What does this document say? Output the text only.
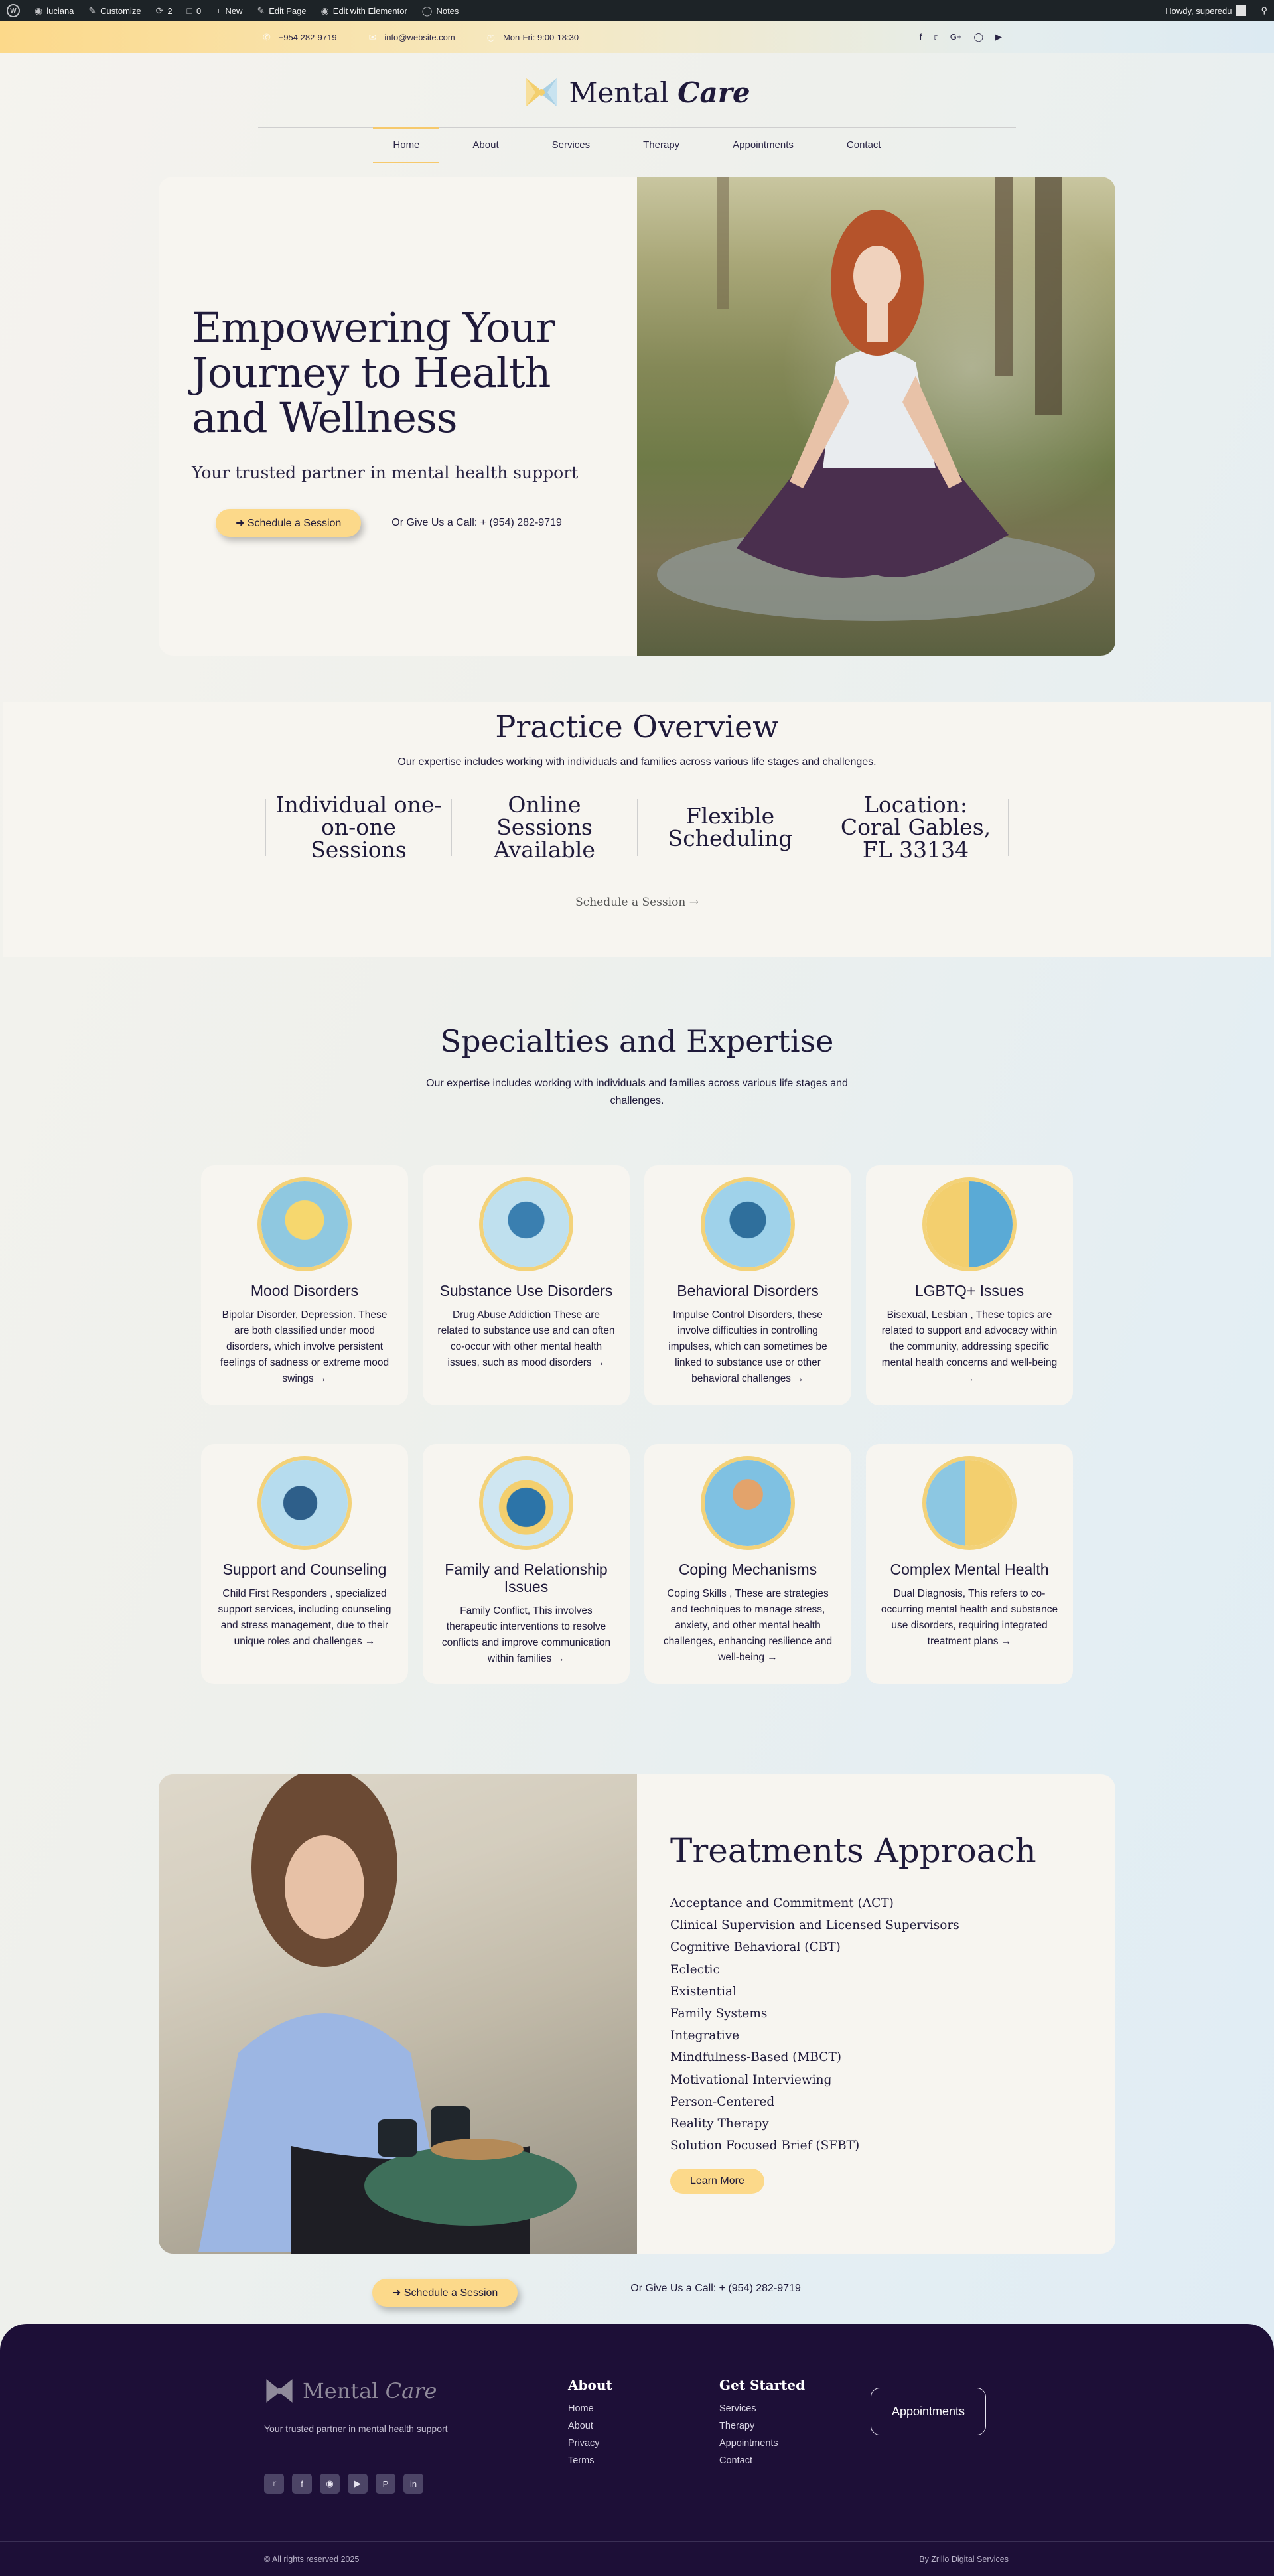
W	◉ luciana ✎ Customize ⟳ 2 □ 0 + New ✎ Edit Page ◉ Edit with Elementor ◯ Notes	Howdy, superedu	⚲
✆ +954 282-9719	✉ info@website.com	◷ Mon-Fri: 9:00-18:30	f 𝕣 G+ ◯ ▶
Mental Care
Home	About	Services	Therapy	Appointments	Contact
Empowering Your
Journey to Health
and Wellness
Your trusted partner in mental health support
➜ Schedule a Session	Or Give Us a Call: + (954) 282-9719
Practice Overview
Our expertise includes working with individuals and families across various life stages and challenges.
Individual one-on-one Sessions
Online Sessions Available
Flexible Scheduling
Location: Coral Gables, FL 33134
Schedule a Session →
Specialties and Expertise
Our expertise includes working with individuals and families across various life stages and challenges.
Mood Disorders

Bipolar Disorder, Depression. These are both classified under mood disorders, which involve persistent feelings of sadness or extreme mood swings →

Substance Use Disorders

Drug Abuse Addiction These are related to substance use and can often co-occur with other mental health issues, such as mood disorders →

Behavioral Disorders

Impulse Control Disorders, these involve difficulties in controlling impulses, which can sometimes be linked to substance use or other behavioral challenges →

LGBTQ+ Issues

Bisexual, Lesbian , These topics are related to support and advocacy within the community, addressing specific mental health concerns and well-being →

Support and Counseling

Child First Responders , specialized support services, including counseling and stress management, due to their unique roles and challenges →

Family and Relationship Issues

Family Conflict, This involves therapeutic interventions to resolve conflicts and improve communication within families →

Coping Mechanisms

Coping Skills , These are strategies and techniques to manage stress, anxiety, and other mental health challenges, enhancing resilience and well-being →

Complex Mental Health

Dual Diagnosis, This refers to co-occurring mental health and substance use disorders, requiring integrated treatment plans →

Treatments Approach
Acceptance and Commitment (ACT)
Clinical Supervision and Licensed Supervisors
Cognitive Behavioral (CBT)
Eclectic
Existential
Family Systems
Integrative
Mindfulness-Based (MBCT)
Motivational Interviewing
Person-Centered
Reality Therapy
Solution Focused Brief (SFBT)
Learn More
➜ Schedule a Session	Or Give Us a Call: + (954) 282-9719
Mental Care
Your trusted partner in mental health support
𝕣	f	◉	▶	P	in
About
Home
About
Privacy
Terms
Get Started
Services
Therapy
Appointments
Contact
Appointments
© All rights reserved 2025	By Zrillo Digital Services
